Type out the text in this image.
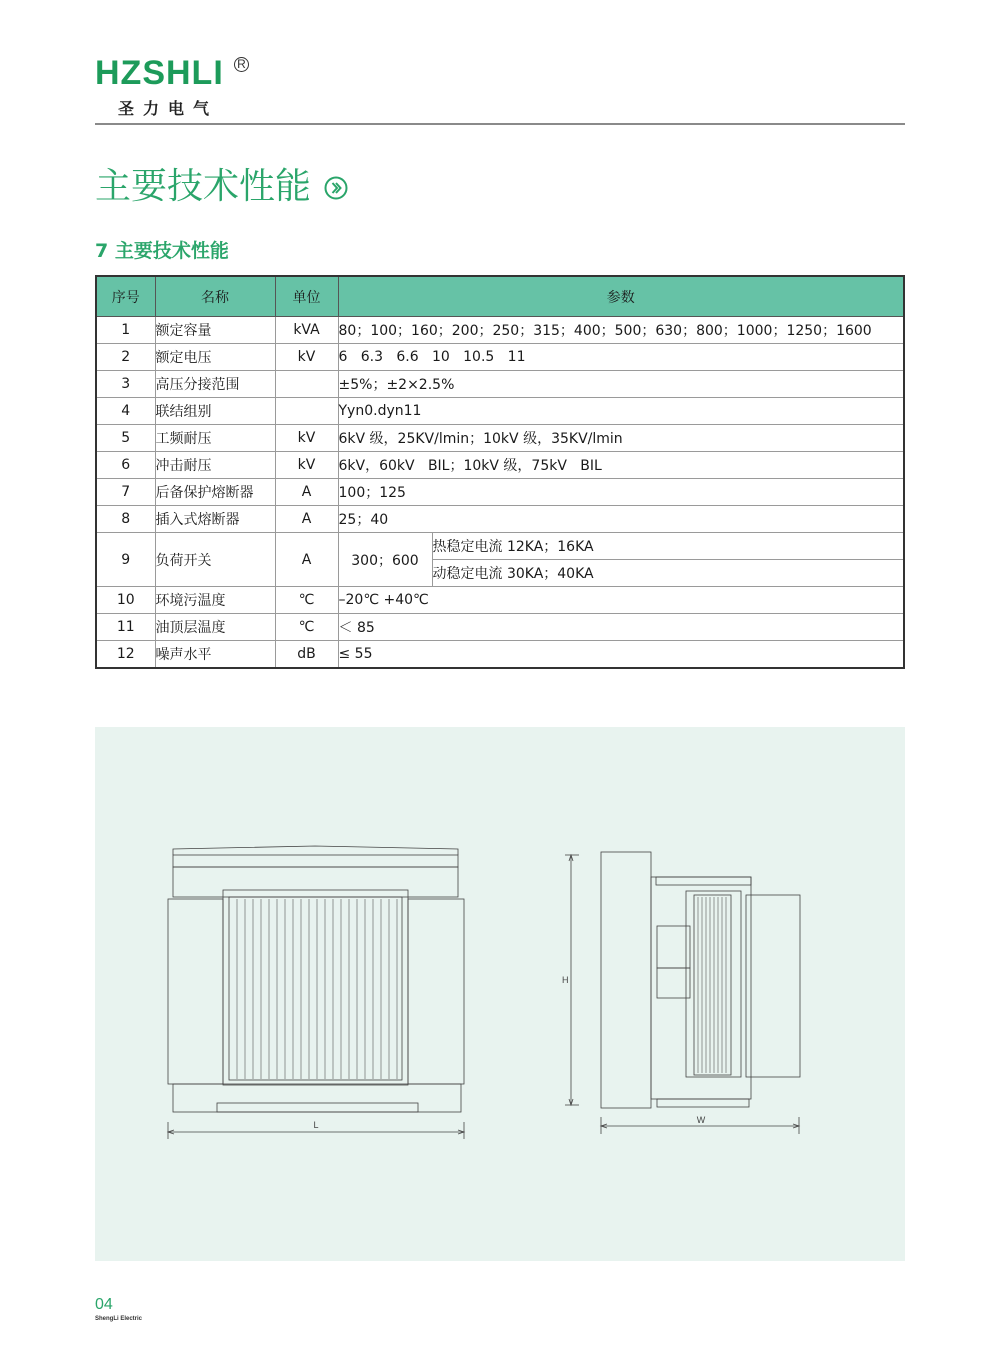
HZSHLI R
圣力电气
主要技术性能
7 主要技术性能
序号	名称	单位	参数	
1	额定容量	kVA	80；100；160；200；250；315；400；500；630；800；1000；1250；1600	
2	额定电压	kV	6   6.3   6.6   10   10.5   11	
3	高压分接范围		±5%；±2×2.5%	
4	联结组别		Yyn0.dyn11	
5	工频耐压	kV	6kV 级，25KV/lmin；10kV 级，35KV/lmin	
6	冲击耐压	kV	6kV，60kV   BIL；10kV 级，75kV   BIL	
7	后备保护熔断器	A	100；125	
8	插入式熔断器	A	25；40	
9	负荷开关	A	300；600	热稳定电流 12KA；16KA
				动稳定电流 30KA；40KA
10	环境污温度	℃	–20℃ +40℃	
11	油顶层温度	℃	＜ 85	
12	噪声水平	dB	≤ 55	
L
H
W
04
ShengLi Electric
